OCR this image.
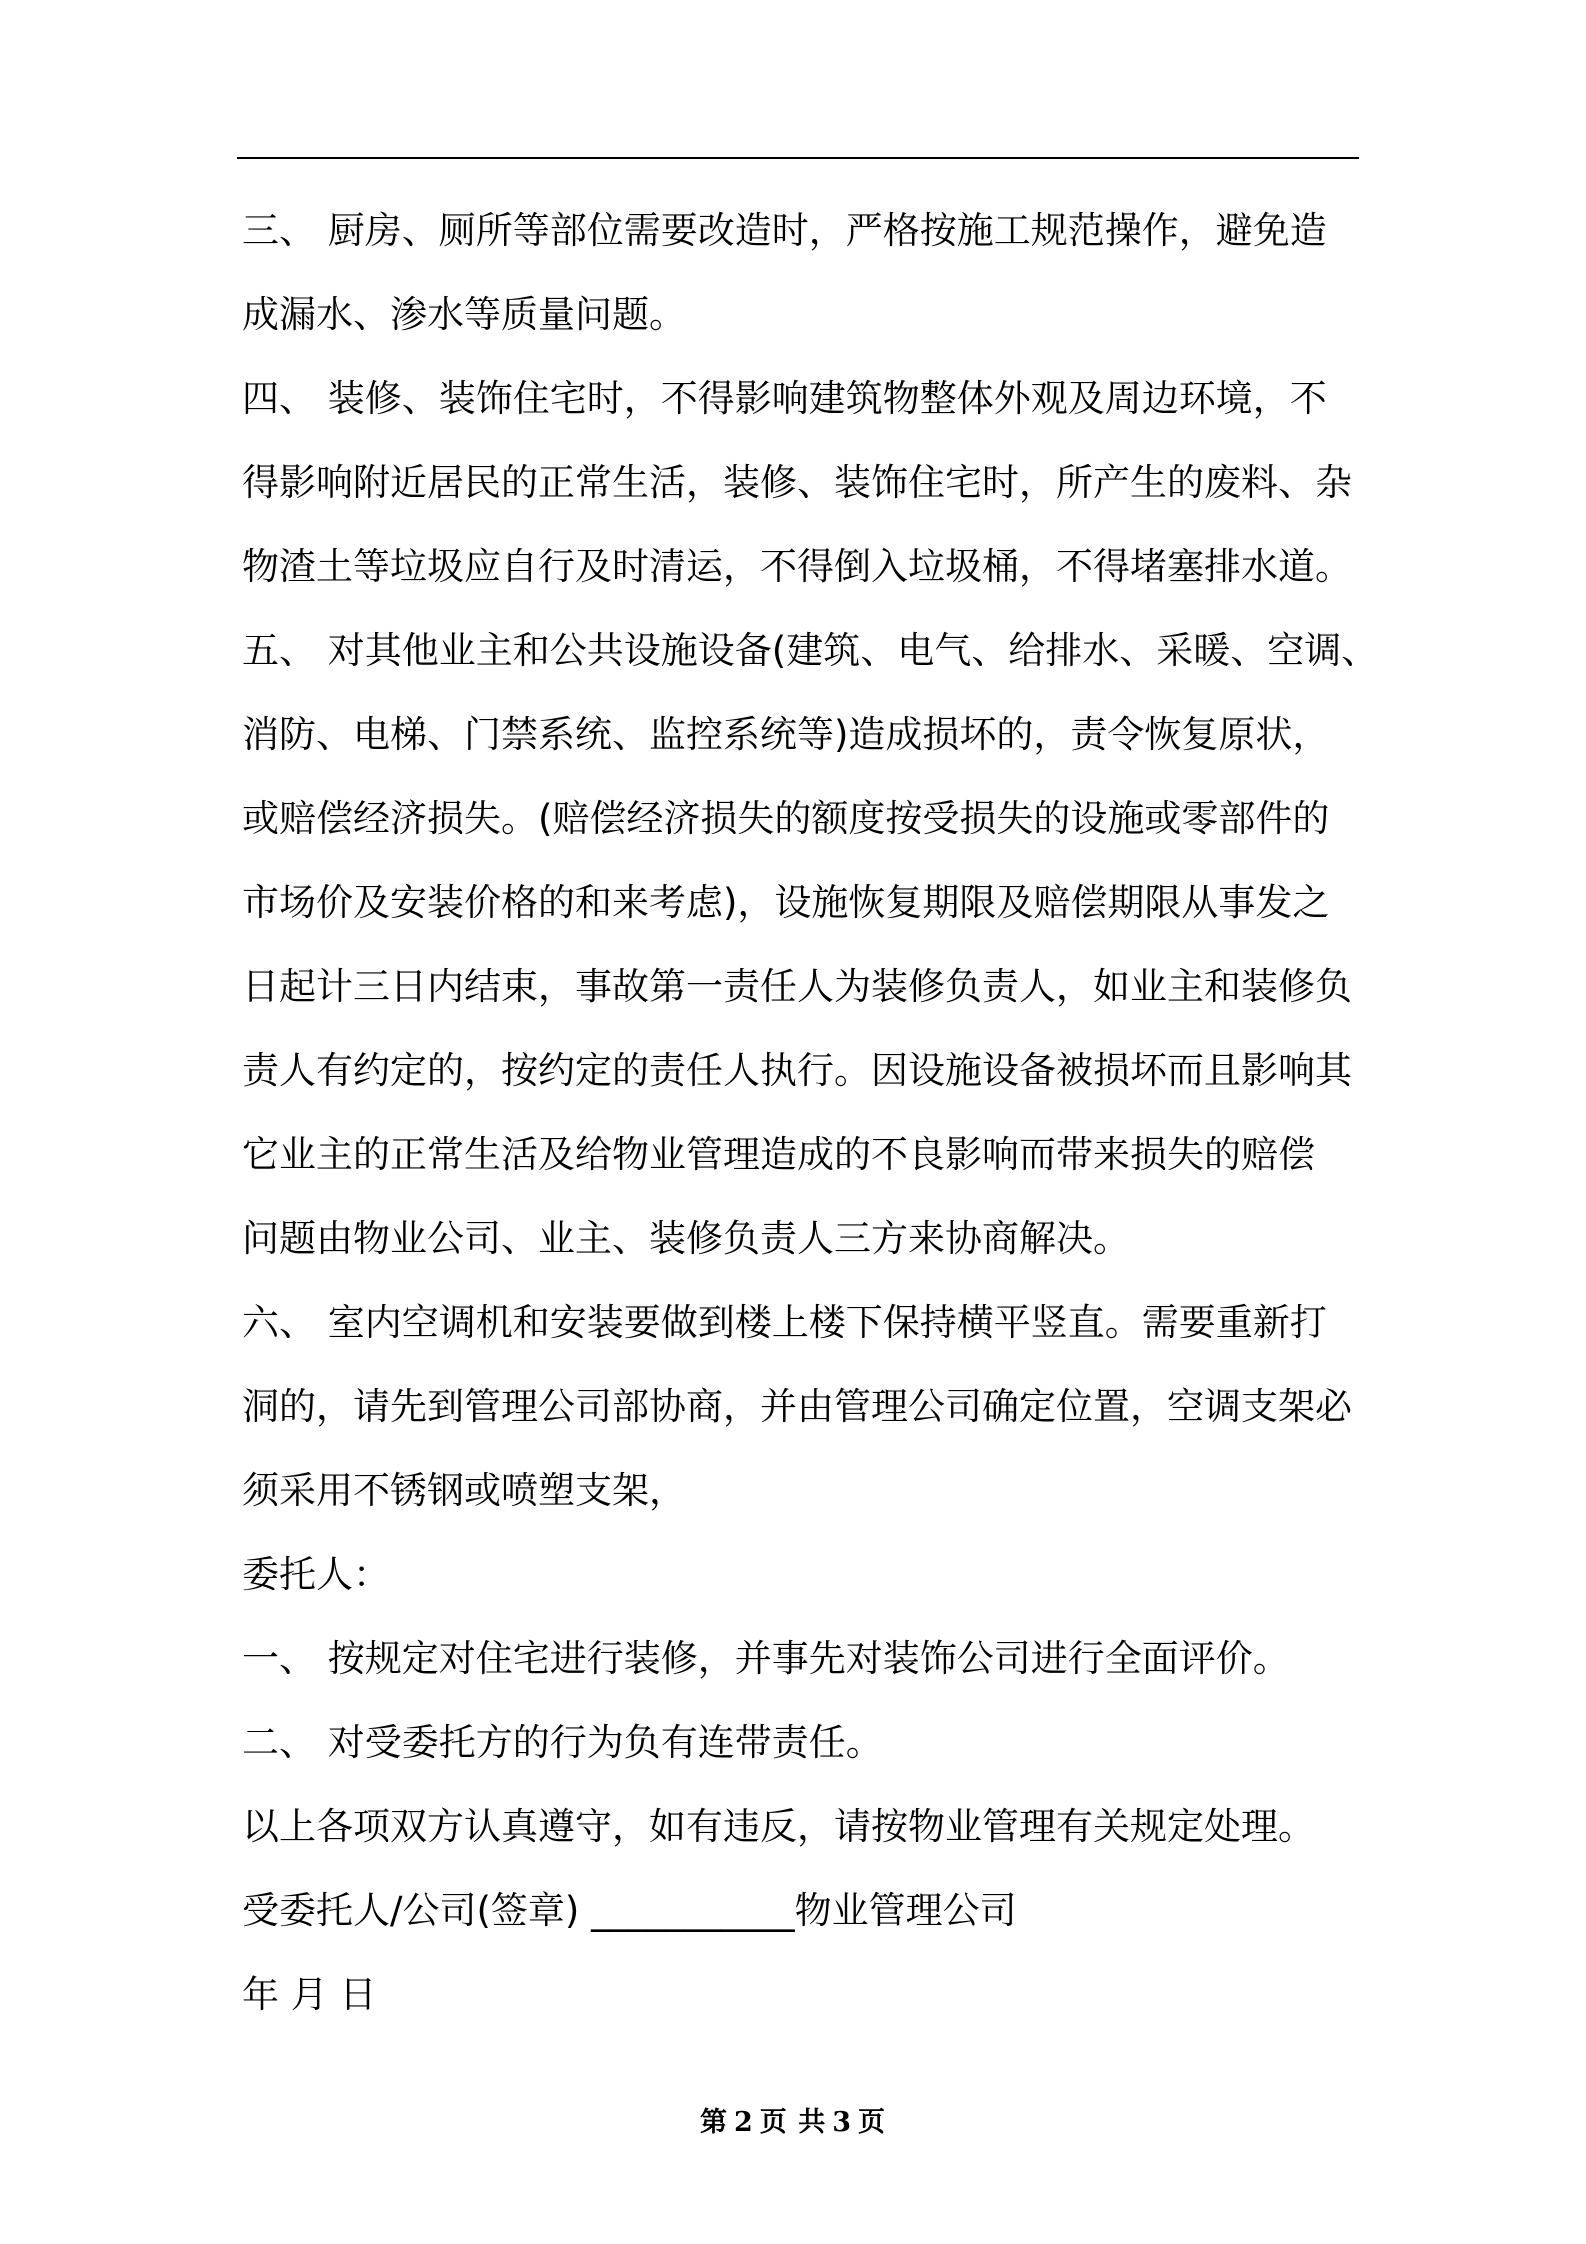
三、 厨房、厕所等部位需要改造时，严格按施工规范操作，避免造
成漏水、渗水等质量问题。
四、 装修、装饰住宅时，不得影响建筑物整体外观及周边环境，不
得影响附近居民的正常生活，装修、装饰住宅时，所产生的废料、杂
物渣土等垃圾应自行及时清运，不得倒入垃圾桶，不得堵塞排水道。
五、 对其他业主和公共设施设备(建筑、电气、给排水、采暖、空调、
消防、电梯、门禁系统、监控系统等)造成损坏的，责令恢复原状，
或赔偿经济损失。(赔偿经济损失的额度按受损失的设施或零部件的
市场价及安装价格的和来考虑)，设施恢复期限及赔偿期限从事发之
日起计三日内结束，事故第一责任人为装修负责人，如业主和装修负
责人有约定的，按约定的责任人执行。因设施设备被损坏而且影响其
它业主的正常生活及给物业管理造成的不良影响而带来损失的赔偿
问题由物业公司、业主、装修负责人三方来协商解决。
六、 室内空调机和安装要做到楼上楼下保持横平竖直。需要重新打
洞的，请先到管理公司部协商，并由管理公司确定位置，空调支架必
须采用不锈钢或喷塑支架，
委托人：
一、 按规定对住宅进行装修，并事先对装饰公司进行全面评价。
二、 对受委托方的行为负有连带责任。
以上各项双方认真遵守，如有违反，请按物业管理有关规定处理。
受委托人/公司(签章) ___________物业管理公司
年 月 日
第 2 页 共 3 页
